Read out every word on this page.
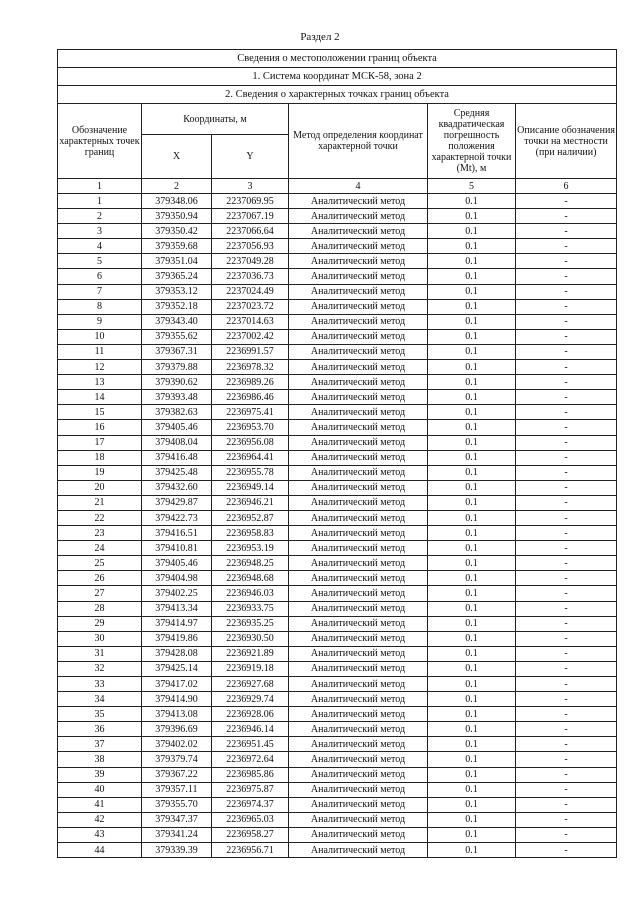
Раздел 2
Сведения о местоположении границ объекта					
1. Система координат МСК-58, зона 2					
2. Сведения о характерных точках границ объекта					
Обозначение характерных точек границ	Координаты, м		Метод определения координат характерной точки	Средняя квадратическая погрешность положения характерной точки (Mt), м	Описание обозначения точки на местности (при наличии)
	X	Y			
1	2	3	4	5	6
1	379348.06	2237069.95	Аналитический метод	0.1	-
2	379350.94	2237067.19	Аналитический метод	0.1	-
3	379350.42	2237066.64	Аналитический метод	0.1	-
4	379359.68	2237056.93	Аналитический метод	0.1	-
5	379351.04	2237049.28	Аналитический метод	0.1	-
6	379365.24	2237036.73	Аналитический метод	0.1	-
7	379353.12	2237024.49	Аналитический метод	0.1	-
8	379352.18	2237023.72	Аналитический метод	0.1	-
9	379343.40	2237014.63	Аналитический метод	0.1	-
10	379355.62	2237002.42	Аналитический метод	0.1	-
11	379367.31	2236991.57	Аналитический метод	0.1	-
12	379379.88	2236978.32	Аналитический метод	0.1	-
13	379390.62	2236989.26	Аналитический метод	0.1	-
14	379393.48	2236986.46	Аналитический метод	0.1	-
15	379382.63	2236975.41	Аналитический метод	0.1	-
16	379405.46	2236953.70	Аналитический метод	0.1	-
17	379408.04	2236956.08	Аналитический метод	0.1	-
18	379416.48	2236964.41	Аналитический метод	0.1	-
19	379425.48	2236955.78	Аналитический метод	0.1	-
20	379432.60	2236949.14	Аналитический метод	0.1	-
21	379429.87	2236946.21	Аналитический метод	0.1	-
22	379422.73	2236952.87	Аналитический метод	0.1	-
23	379416.51	2236958.83	Аналитический метод	0.1	-
24	379410.81	2236953.19	Аналитический метод	0.1	-
25	379405.46	2236948.25	Аналитический метод	0.1	-
26	379404.98	2236948.68	Аналитический метод	0.1	-
27	379402.25	2236946.03	Аналитический метод	0.1	-
28	379413.34	2236933.75	Аналитический метод	0.1	-
29	379414.97	2236935.25	Аналитический метод	0.1	-
30	379419.86	2236930.50	Аналитический метод	0.1	-
31	379428.08	2236921.89	Аналитический метод	0.1	-
32	379425.14	2236919.18	Аналитический метод	0.1	-
33	379417.02	2236927.68	Аналитический метод	0.1	-
34	379414.90	2236929.74	Аналитический метод	0.1	-
35	379413.08	2236928.06	Аналитический метод	0.1	-
36	379396.69	2236946.14	Аналитический метод	0.1	-
37	379402.02	2236951.45	Аналитический метод	0.1	-
38	379379.74	2236972.64	Аналитический метод	0.1	-
39	379367.22	2236985.86	Аналитический метод	0.1	-
40	379357.11	2236975.87	Аналитический метод	0.1	-
41	379355.70	2236974.37	Аналитический метод	0.1	-
42	379347.37	2236965.03	Аналитический метод	0.1	-
43	379341.24	2236958.27	Аналитический метод	0.1	-
44	379339.39	2236956.71	Аналитический метод	0.1	-
